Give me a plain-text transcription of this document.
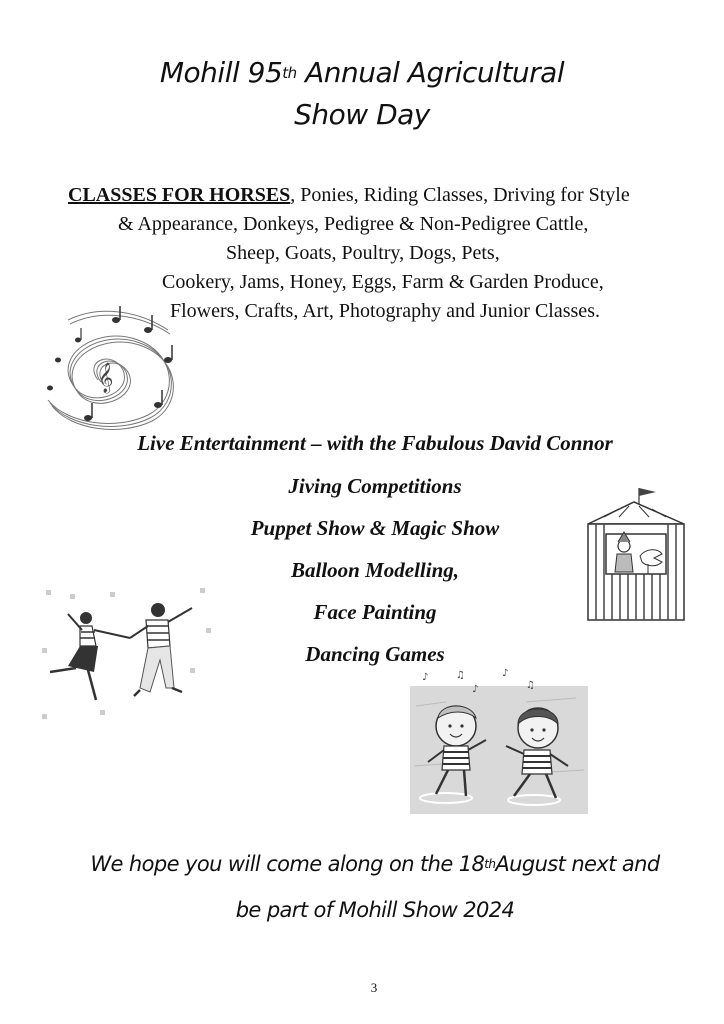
Mohill 95th Annual Agricultural
Show Day
CLASSES FOR HORSES, Ponies, Riding Classes, Driving for Style
& Appearance, Donkeys, Pedigree & Non-Pedigree Cattle,
Sheep, Goats, Poultry, Dogs, Pets,
Cookery, Jams, Honey, Eggs, Farm & Garden Produce,
Flowers, Crafts, Art, Photography and Junior Classes.
Live Entertainment – with the Fabulous David Connor
Jiving Competitions
Puppet Show & Magic Show
Balloon Modelling,
Face Painting
Dancing Games
𝄞
♪	♫
♪
♪
♫
We hope you will come along on the 18thAugust next and
be part of Mohill Show 2024
3
